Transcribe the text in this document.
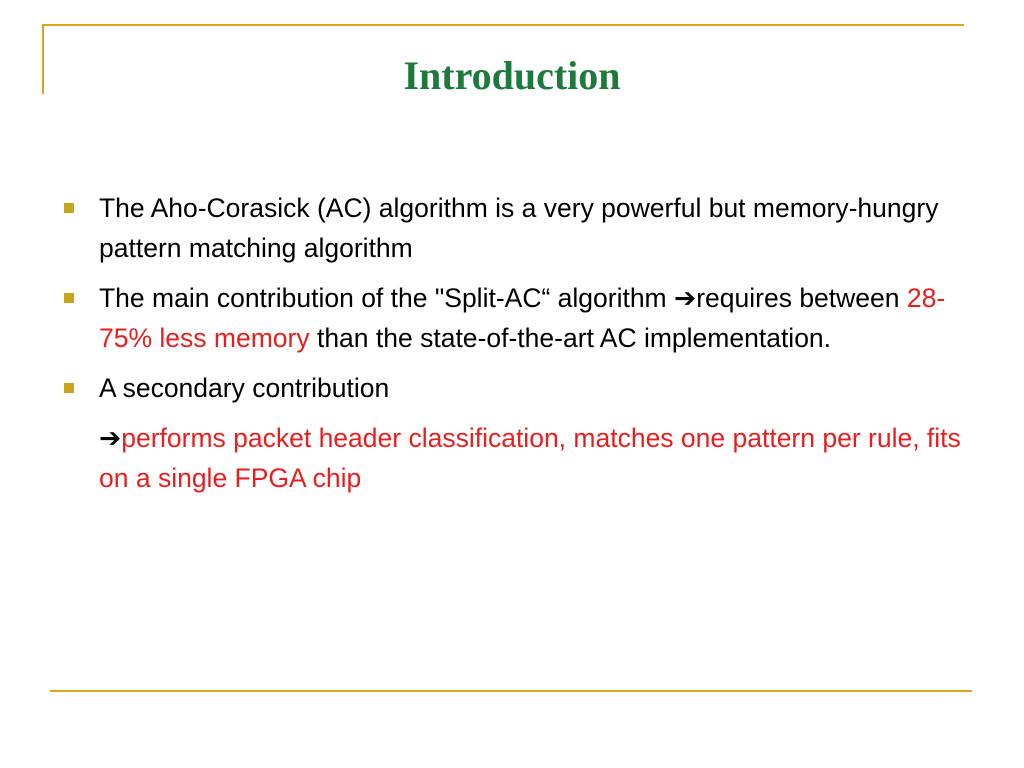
Introduction
The Aho-Corasick (AC) algorithm is a very powerful but memory-hungry pattern matching algorithm
The main contribution of the "Split-AC“ algorithm ➔requires between 28-75% less memory than the state-of-the-art AC implementation.
A secondary contribution
➔performs packet header classification, matches one pattern per rule, fits on a single FPGA chip
